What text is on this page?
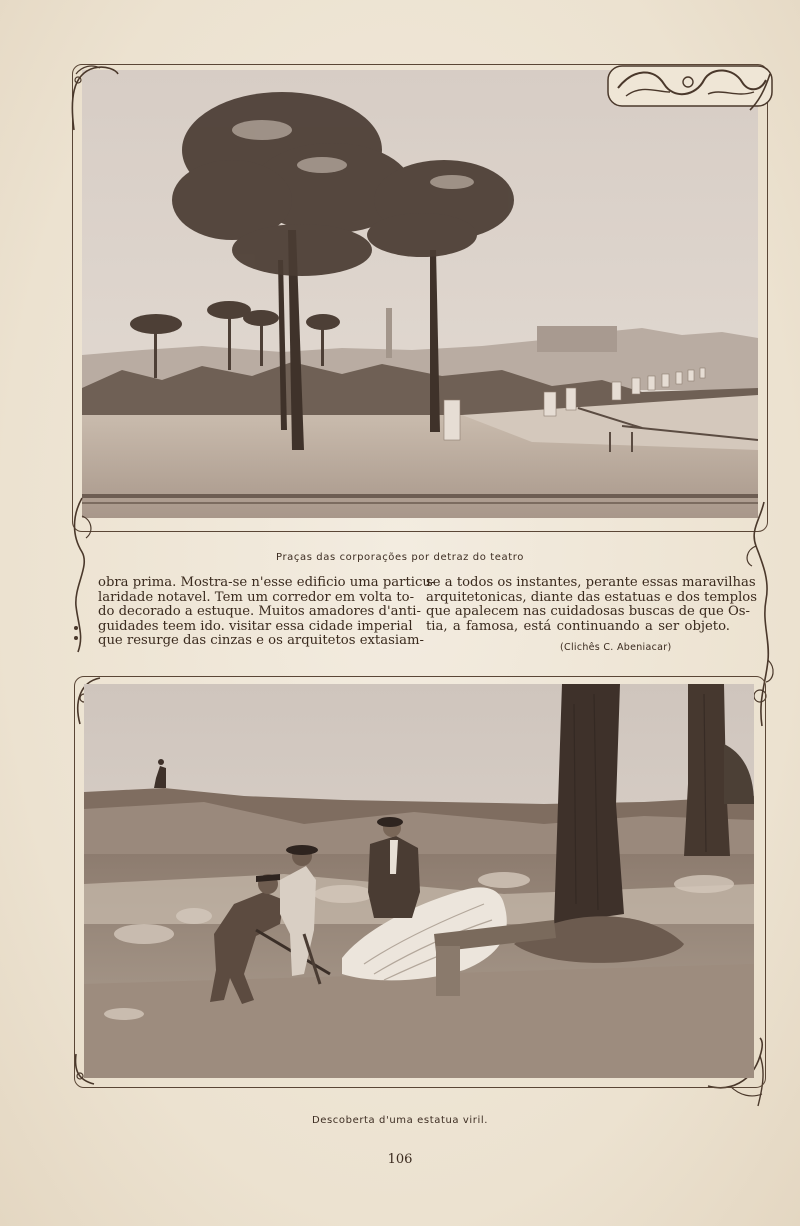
Praças das corporações por detraz do teatro
obra prima. Mostra-se n'esse edificio uma particu-
laridade notavel. Tem um corredor em volta to-
do decorado a estuque. Muitos amadores d'anti-
guidades teem ido. visitar essa cidade imperial
que resurge das cinzas e os arquitetos extasiam-
se a todos os instantes, perante essas maravilhas
arquitetonicas, diante das estatuas e dos templos
que apalecem nas cuidadosas buscas de que Os-
tia, a famosa, está continuando a ser objeto.
(Clichês C. Abeniacar)
Descoberta d'uma estatua viril.
106
